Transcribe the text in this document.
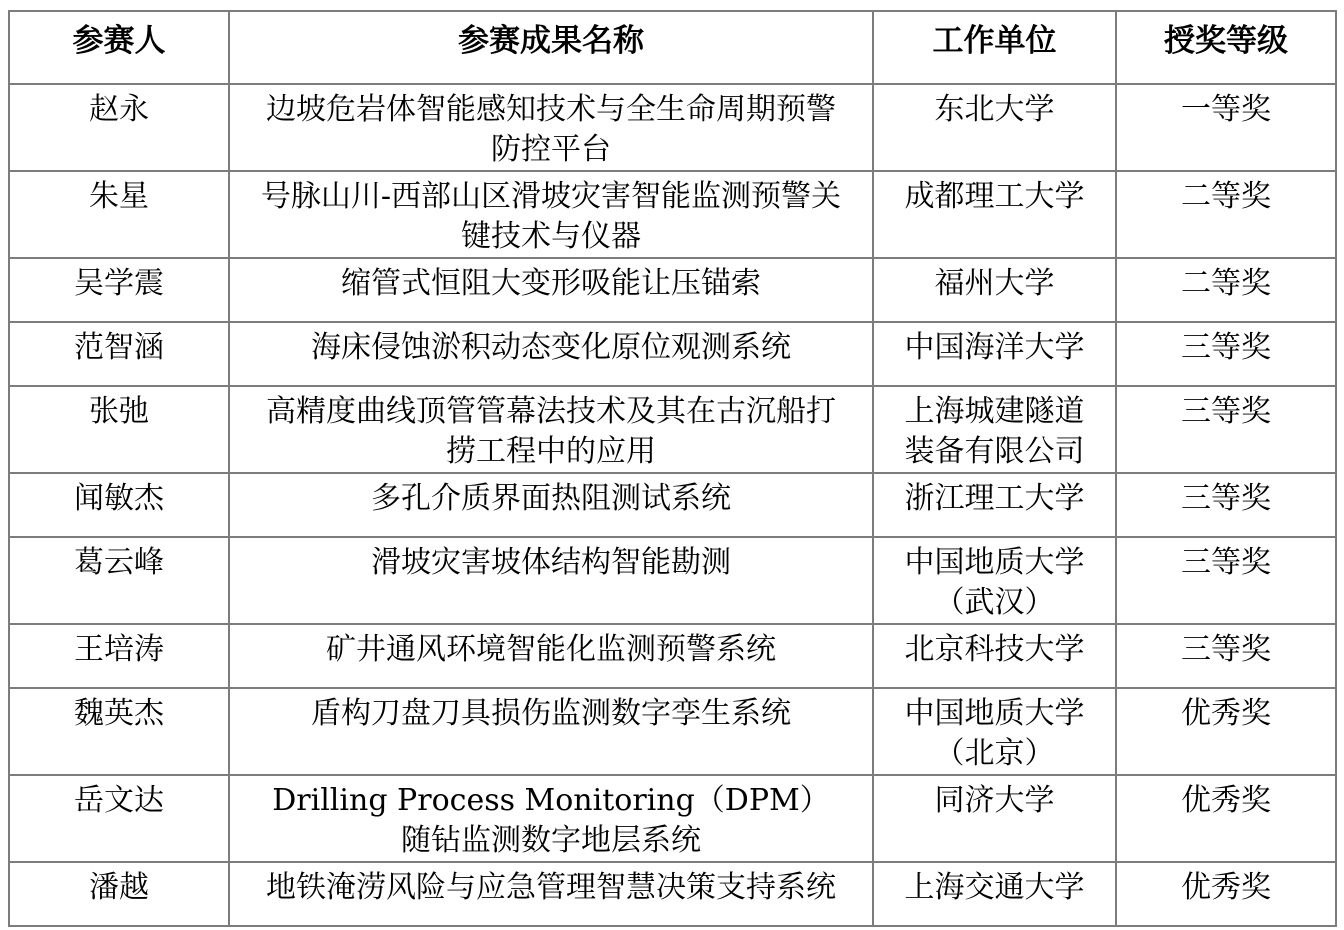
参赛人	参赛成果名称	工作单位	授奖等级
赵永	边坡危岩体智能感知技术与全生命周期预警防控平台	东北大学	一等奖
朱星	号脉山川-西部山区滑坡灾害智能监测预警关键技术与仪器	成都理工大学	二等奖
吴学震	缩管式恒阻大变形吸能让压锚索	福州大学	二等奖
范智涵	海床侵蚀淤积动态变化原位观测系统	中国海洋大学	三等奖
张弛	高精度曲线顶管管幕法技术及其在古沉船打捞工程中的应用	上海城建隧道装备有限公司	三等奖
闻敏杰	多孔介质界面热阻测试系统	浙江理工大学	三等奖
葛云峰	滑坡灾害坡体结构智能勘测	中国地质大学（武汉）	三等奖
王培涛	矿井通风环境智能化监测预警系统	北京科技大学	三等奖
魏英杰	盾构刀盘刀具损伤监测数字孪生系统	中国地质大学（北京）	优秀奖
岳文达	Drilling Process Monitoring（DPM）随钻监测数字地层系统	同济大学	优秀奖
潘越	地铁淹涝风险与应急管理智慧决策支持系统	上海交通大学	优秀奖
